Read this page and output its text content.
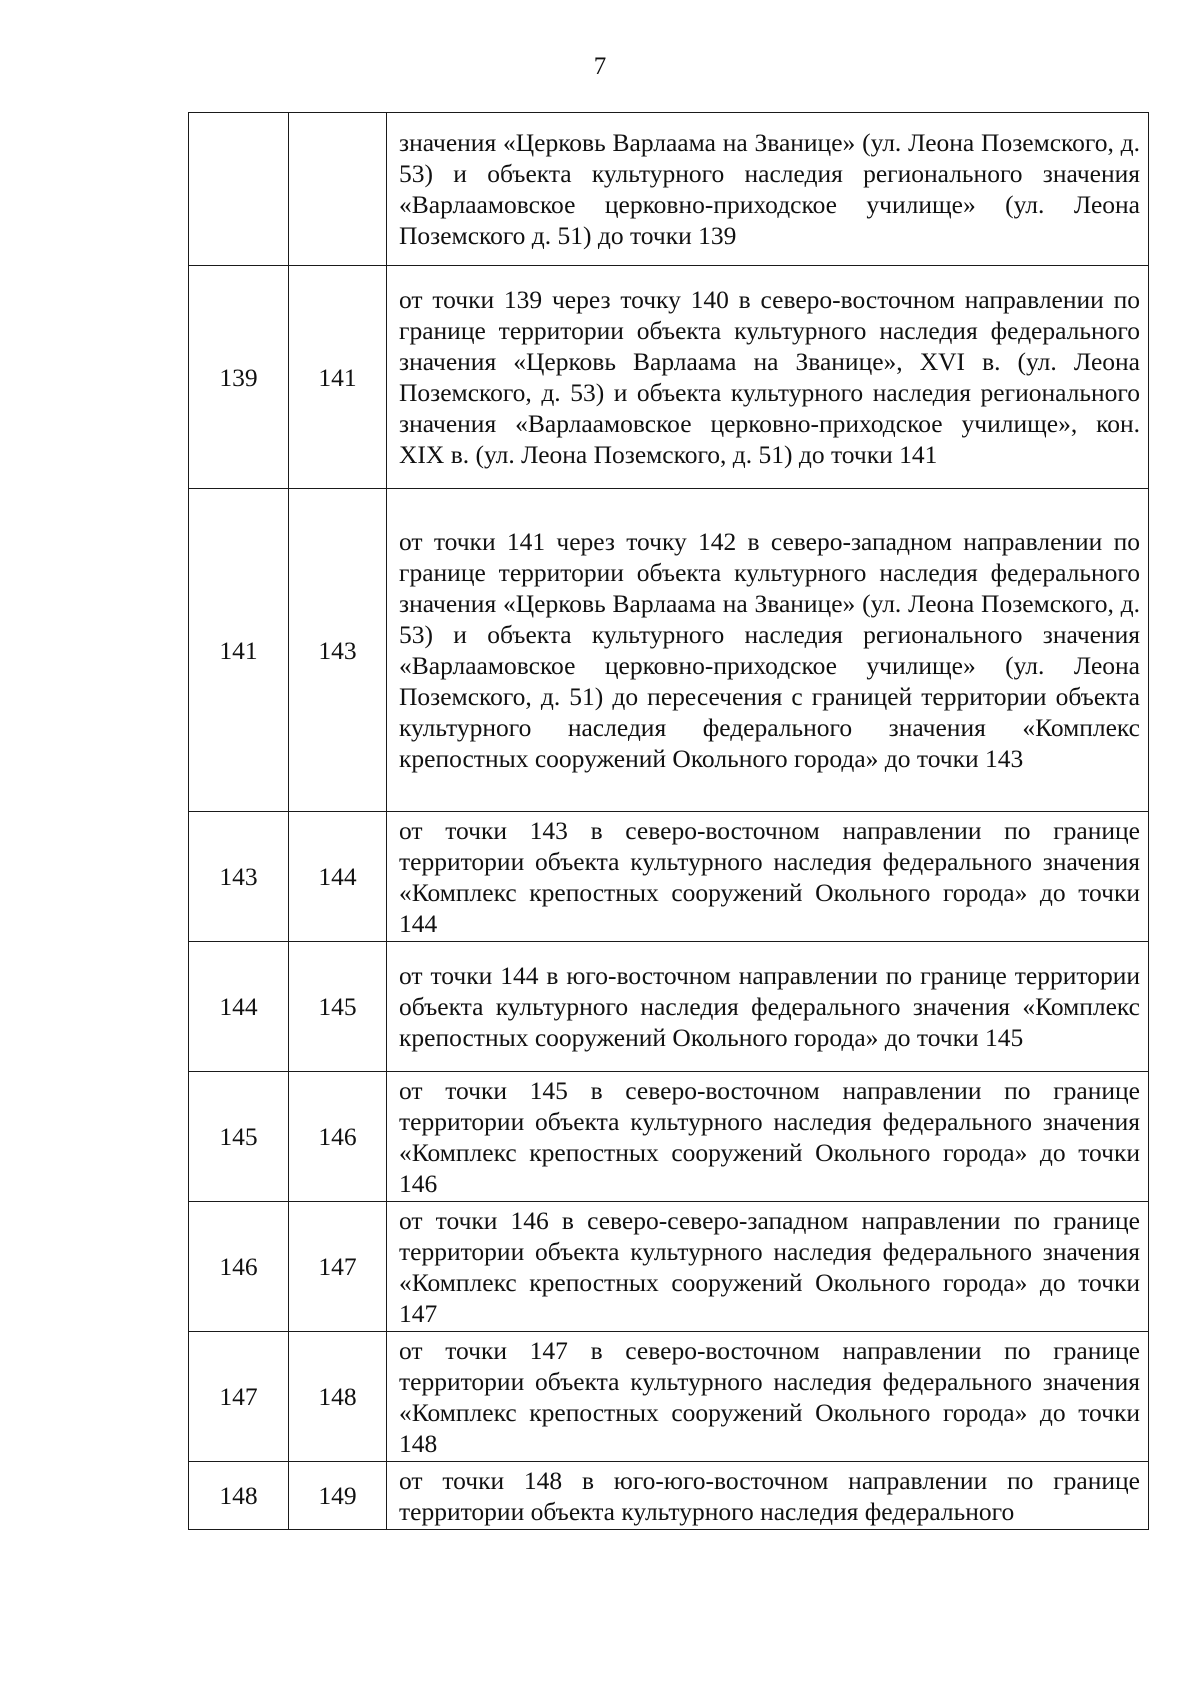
7
		значения «Церковь Варлаама на Званице» (ул. Леона Поземского, д. 53) и объекта культурного наследия регионального значения «Варлаамовское церковно-приходское училище» (ул. Леона Поземского д. 51) до точки 139
139	141	от точки 139 через точку 140 в северо-восточном направлении по границе территории объекта культурного наследия федерального значения «Церковь Варлаама на Званице», XVI в. (ул. Леона Поземского, д. 53) и объекта культурного наследия регионального значения «Варлаамовское церковно-приходское училище», кон. XIX в. (ул. Леона Поземского, д. 51) до точки 141
141	143	от точки 141 через точку 142 в северо-западном направлении по границе территории объекта культурного наследия федерального значения «Церковь Варлаама на Званице» (ул. Леона Поземского, д. 53) и объекта культурного наследия регионального значения «Варлаамовское церковно-приходское училище» (ул. Леона Поземского, д. 51) до пересечения с границей территории объекта культурного наследия федерального значения «Комплекс крепостных сооружений Окольного города» до точки 143
143	144	от точки 143 в северо-восточном направлении по границе территории объекта культурного наследия федерального значения «Комплекс крепостных сооружений Окольного города» до точки 144
144	145	от точки 144 в юго-восточном направлении по границе территории объекта культурного наследия федерального значения «Комплекс крепостных сооружений Окольного города» до точки 145
145	146	от точки 145 в северо-восточном направлении по границе территории объекта культурного наследия федерального значения «Комплекс крепостных сооружений Окольного города» до точки 146
146	147	от точки 146 в северо-северо-западном направлении по границе территории объекта культурного наследия федерального значения «Комплекс крепостных сооружений Окольного города» до точки 147
147	148	от точки 147 в северо-восточном направлении по границе территории объекта культурного наследия федерального значения «Комплекс крепостных сооружений Окольного города» до точки 148
148	149	от точки 148 в юго-юго-восточном направлении по границе территории объекта культурного наследия федерального
